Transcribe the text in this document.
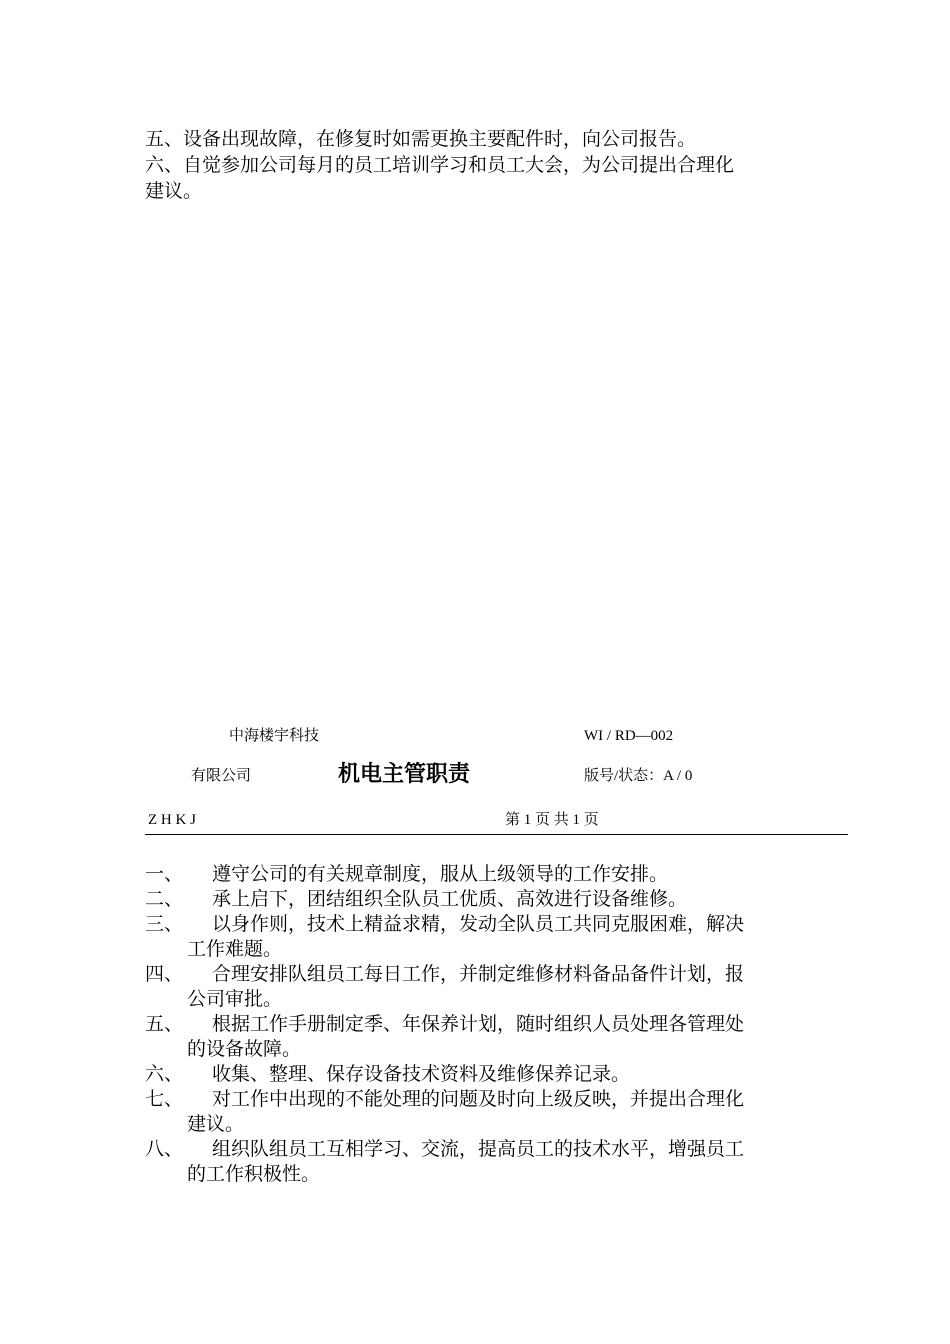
五、设备出现故障，在修复时如需更换主要配件时，向公司报告。
六、自觉参加公司每月的员工培训学习和员工大会，为公司提出合理化
建议。
中海楼宇科技
有限公司	机电主管职责
WI / RD—002
版号/状态：A / 0
Z H K J	第 1 页 共 1 页
一、	遵守公司的有关规章制度，服从上级领导的工作安排。
二、	承上启下，团结组织全队员工优质、高效进行设备维修。
三、	以身作则，技术上精益求精，发动全队员工共同克服困难，解决
工作难题。
四、	合理安排队组员工每日工作，并制定维修材料备品备件计划，报
公司审批。
五、	根据工作手册制定季、年保养计划，随时组织人员处理各管理处
的设备故障。
六、	收集、整理、保存设备技术资料及维修保养记录。
七、	对工作中出现的不能处理的问题及时向上级反映，并提出合理化
建议。
八、	组织队组员工互相学习、交流，提高员工的技术水平，增强员工
的工作积极性。
